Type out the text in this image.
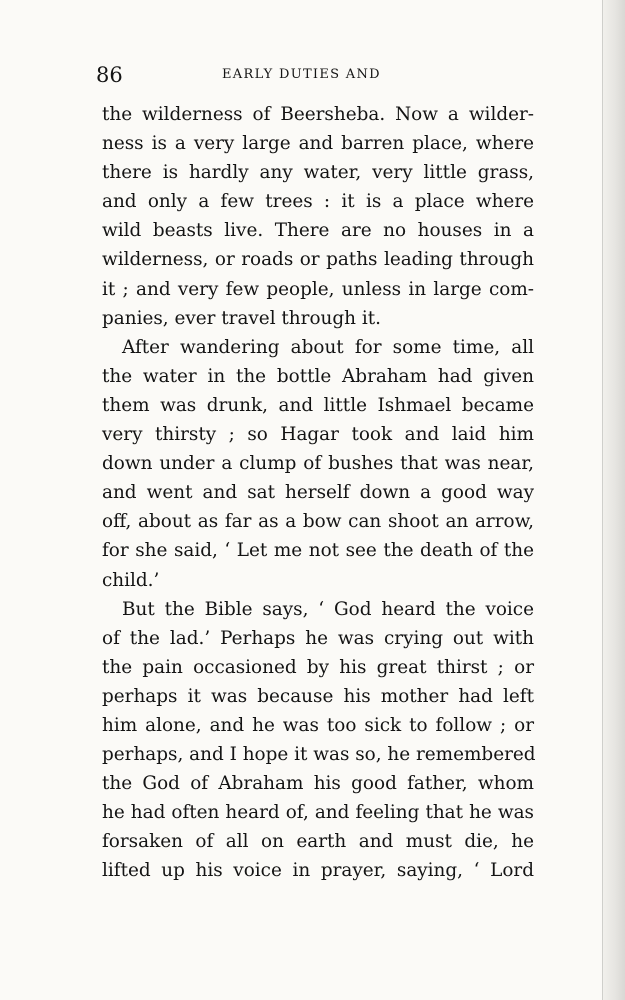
86	EARLY DUTIES AND
the wilderness of Beersheba. Now a wilder-
ness is a very large and barren place, where
there is hardly any water, very little grass,
and only a few trees : it is a place where
wild beasts live. There are no houses in a
wilderness, or roads or paths leading through
it ; and very few people, unless in large com-
panies, ever travel through it.
After wandering about for some time, all
the water in the bottle Abraham had given
them was drunk, and little Ishmael became
very thirsty ; so Hagar took and laid him
down under a clump of bushes that was near,
and went and sat herself down a good way
off, about as far as a bow can shoot an arrow,
for she said, ‘ Let me not see the death of the
child.’
But the Bible says, ‘ God heard the voice
of the lad.’ Perhaps he was crying out with
the pain occasioned by his great thirst ; or
perhaps it was because his mother had left
him alone, and he was too sick to follow ; or
perhaps, and I hope it was so, he remembered
the God of Abraham his good father, whom
he had often heard of, and feeling that he was
forsaken of all on earth and must die, he
lifted up his voice in prayer, saying, ‘ Lord
